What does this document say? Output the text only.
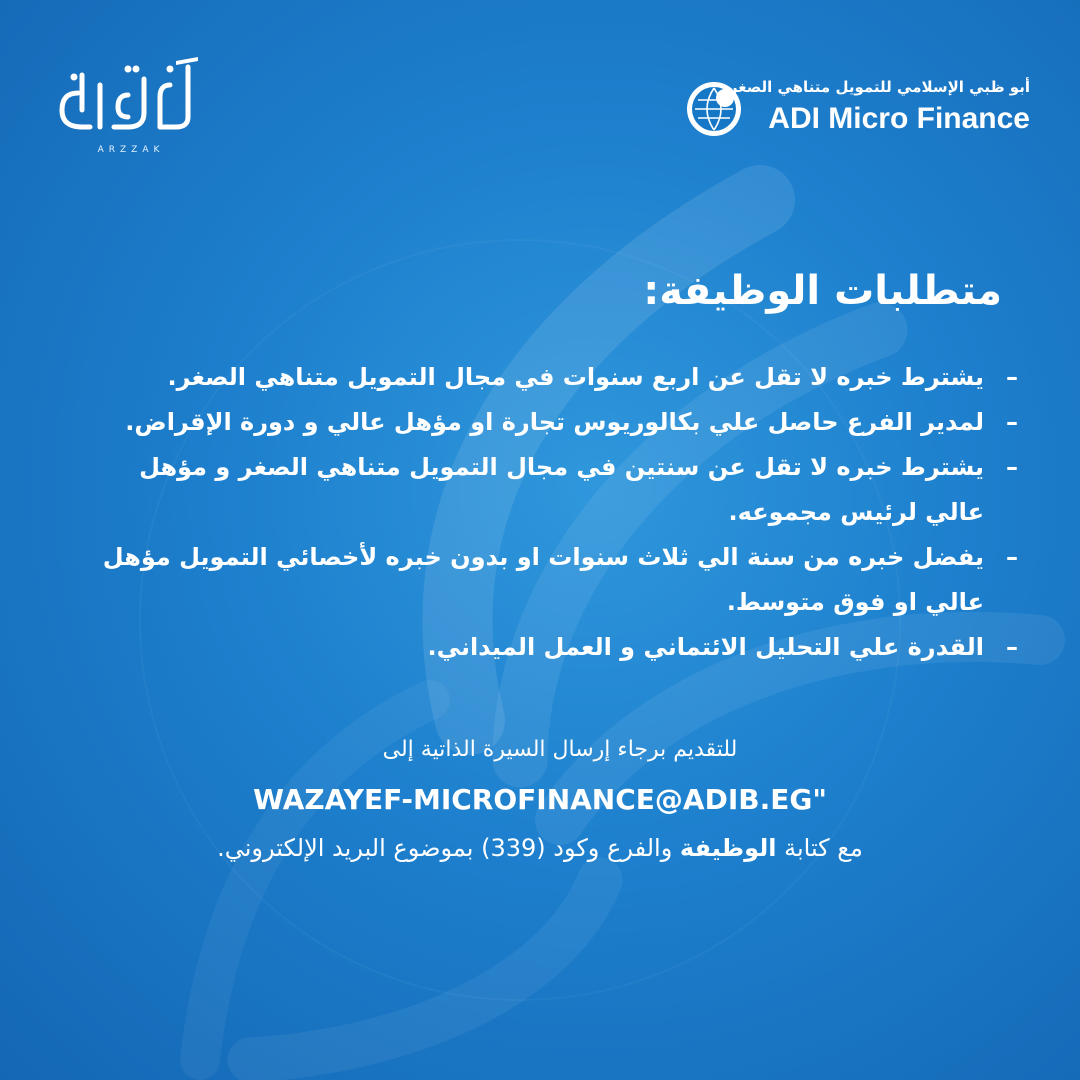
ARZZAK
أبو ظبي الإسلامي للتمويل متناهي الصغر
ADI Micro Finance
متطلبات الوظيفة:
–
يشترط خبره لا تقل عن اربع سنوات في مجال التمويل متناهي الصغر.
–
لمدير الفرع حاصل علي بكالوريوس تجارة او مؤهل عالي و دورة الإقراض.
–
يشترط خبره لا تقل عن سنتين في مجال التمويل متناهي الصغر و مؤهل عالي لرئيس مجموعه.
–
يفضل خبره من سنة الي ثلاث سنوات او بدون خبره لأخصائي التمويل مؤهل عالي او فوق متوسط.
–
القدرة علي التحليل الائتماني و العمل الميداني.
للتقديم برجاء إرسال السيرة الذاتية إلى
WAZAYEF-MICROFINANCE@ADIB.EG"
مع كتابة الوظيفة والفرع وكود (339) بموضوع البريد الإلكتروني.
